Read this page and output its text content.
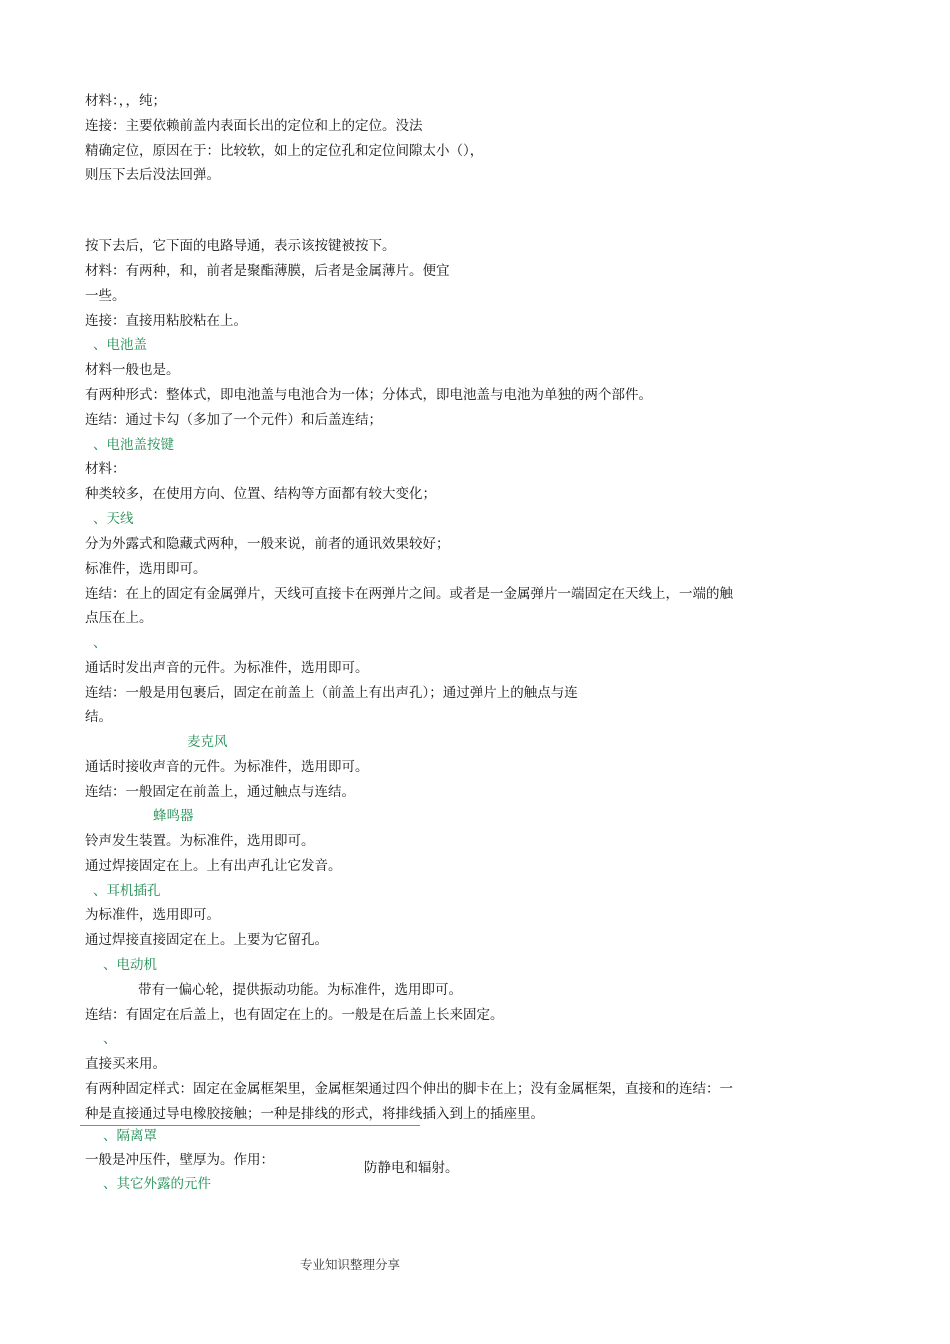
材料：，，纯；
连接：主要依赖前盖内表面长出的定位和上的定位。没法
精确定位，原因在于：比较软，如上的定位孔和定位间隙太小（），
则压下去后没法回弹。
按下去后，它下面的电路导通，表示该按键被按下。
材料：有两种，和，前者是聚酯薄膜，后者是金属薄片。便宜
一些。
连接：直接用粘胶粘在上。
、电池盖
材料一般也是。
有两种形式：整体式，即电池盖与电池合为一体；分体式，即电池盖与电池为单独的两个部件。
连结：通过卡勾（多加了一个元件）和后盖连结；
、电池盖按键
材料：
种类较多，在使用方向、位置、结构等方面都有较大变化；
、天线
分为外露式和隐藏式两种，一般来说，前者的通讯效果较好；
标准件，选用即可。
连结：在上的固定有金属弹片，天线可直接卡在两弹片之间。或者是一金属弹片一端固定在天线上，一端的触
点压在上。
、
通话时发出声音的元件。为标准件，选用即可。
连结：一般是用包裹后，固定在前盖上（前盖上有出声孔）；通过弹片上的触点与连
结。
麦克风
通话时接收声音的元件。为标准件，选用即可。
连结：一般固定在前盖上，通过触点与连结。
蜂鸣器
铃声发生装置。为标准件，选用即可。
通过焊接固定在上。上有出声孔让它发音。
、耳机插孔
为标准件，选用即可。
通过焊接直接固定在上。上要为它留孔。
、电动机
带有一偏心轮，提供振动功能。为标准件，选用即可。
连结：有固定在后盖上，也有固定在上的。一般是在后盖上长来固定。
、
直接买来用。
有两种固定样式：固定在金属框架里，金属框架通过四个伸出的脚卡在上；没有金属框架，直接和的连结：一
种是直接通过导电橡胶接触；一种是排线的形式，将排线插入到上的插座里。
、隔离罩
一般是冲压件，壁厚为。作用：	防静电和辐射。
、其它外露的元件
专业知识整理分享
